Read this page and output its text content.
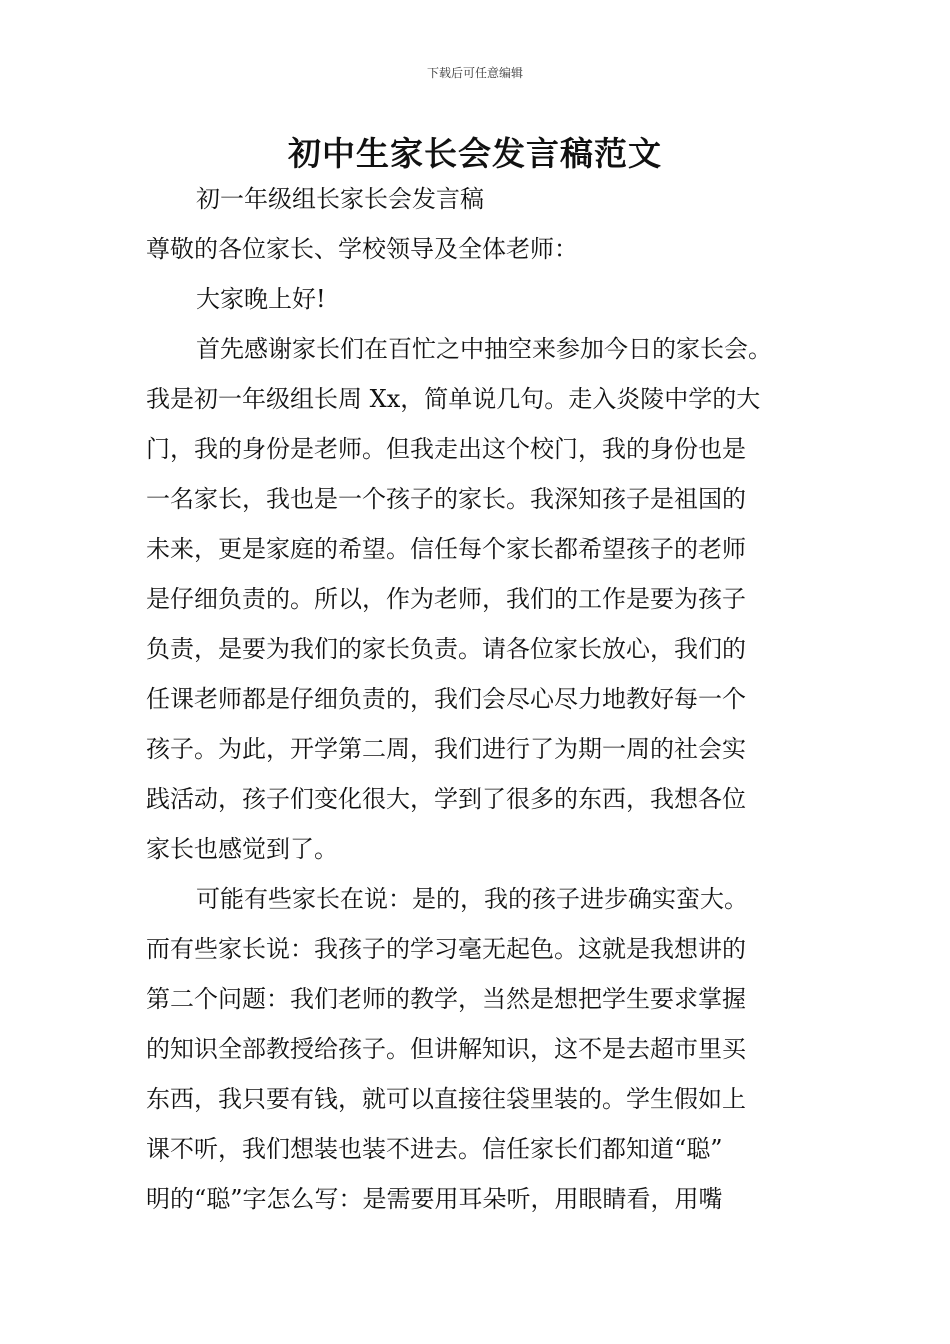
下载后可任意编辑
初中生家长会发言稿范文
初一年级组长家长会发言稿
尊敬的各位家长、学校领导及全体老师：
大家晚上好!
首先感谢家长们在百忙之中抽空来参加今日的家长会。
我是初一年级组长周 Xx，简单说几句。走入炎陵中学的大
门，我的身份是老师。但我走出这个校门，我的身份也是
一名家长，我也是一个孩子的家长。我深知孩子是祖国的
未来，更是家庭的希望。信任每个家长都希望孩子的老师
是仔细负责的。所以，作为老师，我们的工作是要为孩子
负责，是要为我们的家长负责。请各位家长放心，我们的
任课老师都是仔细负责的，我们会尽心尽力地教好每一个
孩子。为此，开学第二周，我们进行了为期一周的社会实
践活动，孩子们变化很大，学到了很多的东西，我想各位
家长也感觉到了。
可能有些家长在说：是的，我的孩子进步确实蛮大。
而有些家长说：我孩子的学习毫无起色。这就是我想讲的
第二个问题：我们老师的教学，当然是想把学生要求掌握
的知识全部教授给孩子。但讲解知识，这不是去超市里买
东西，我只要有钱，就可以直接往袋里装的。学生假如上
课不听，我们想装也装不进去。信任家长们都知道“聪”
明的“聪”字怎么写：是需要用耳朵听，用眼睛看，用嘴
